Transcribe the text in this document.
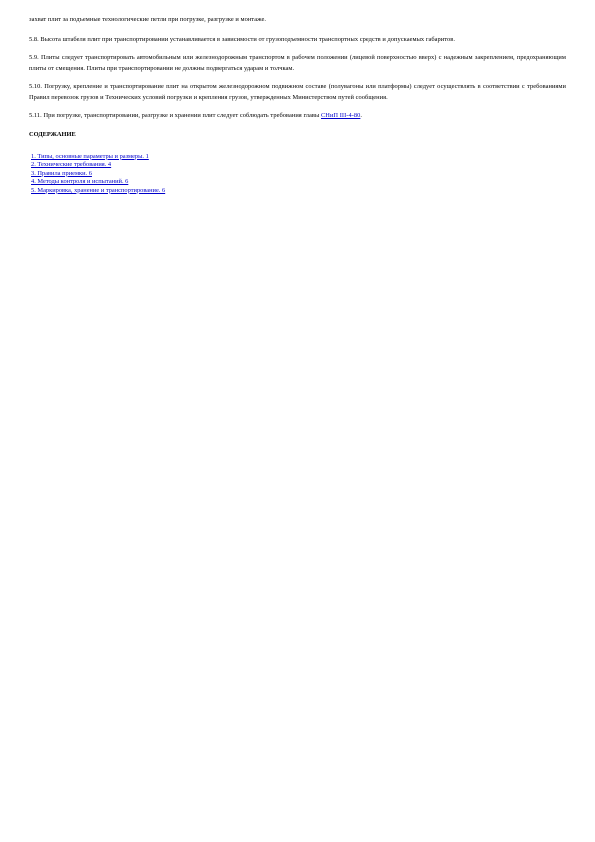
захват плит за подъемные технологические петли при погрузке, разгрузке и монтаже.

5.8. Высота штабеля плит при транспортировании устанавливается в зависимости от грузоподъемности транспортных средств и допускаемых габаритов.

5.9. Плиты следует транспортировать автомобильным или железнодорожным транспортом в рабочем положении (лицевой поверхностью вверх) с надежным закреплением, предохраняющим плиты от смещения. Плиты при транспортировании не должны подвергаться ударам и толчкам.

5.10. Погрузку, крепление и транспортирование плит на открытом железнодорожном подвижном составе (полувагоны или платформы) следует осуществлять в соответствии с требованиями Правил перевозок грузов и Технических условий погрузки и крепления грузов, утвержденных Министерством путей сообщения.

5.11. При погрузке, транспортировании, разгрузке и хранении плит следует соблюдать требования главы СНиП III-4-80.

СОДЕРЖАНИЕ
1. Типы, основные параметры и размеры. 1
2. Технические требования. 4
3. Правила приемки. 6
4. Методы контроля и испытаний. 6
5. Маркировка, хранение и транспортирование. 6
